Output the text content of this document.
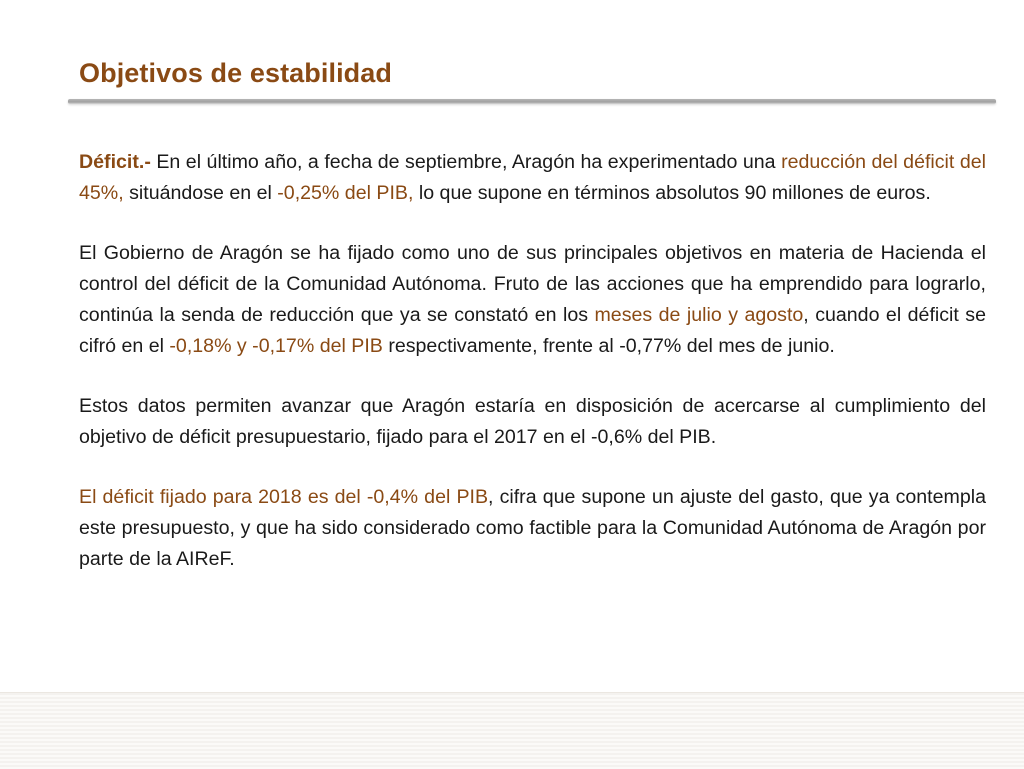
Objetivos de estabilidad

Déficit.- En el último año, a fecha de septiembre, Aragón ha experimentado una reducción del déficit del 45%, situándose en el -0,25% del PIB, lo que supone en términos absolutos 90 millones de euros.

El Gobierno de Aragón se ha fijado como uno de sus principales objetivos en materia de Hacienda el control del déficit de la Comunidad Autónoma. Fruto de las acciones que ha emprendido para lograrlo, continúa la senda de reducción que ya se constató en los meses de julio y agosto, cuando el déficit se cifró en el -0,18% y -0,17% del PIB respectivamente, frente al -0,77% del mes de junio.

Estos datos permiten avanzar que Aragón estaría en disposición de acercarse al cumplimiento del objetivo de déficit presupuestario, fijado para el 2017 en el -0,6% del PIB.

El déficit fijado para 2018 es del -0,4% del PIB, cifra que supone un ajuste del gasto, que ya contempla este presupuesto, y que ha sido considerado como factible para la Comunidad Autónoma de Aragón por parte de la AIReF.
